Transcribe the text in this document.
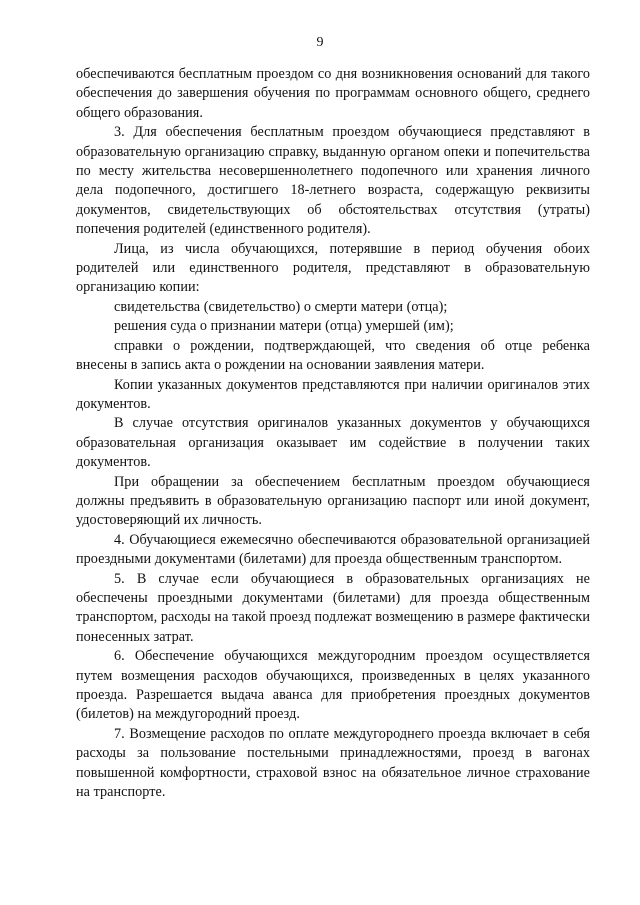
9

обеспечиваются бесплатным проездом со дня возникновения оснований для такого обеспечения до завершения обучения по программам основного общего, среднего общего образования.

3. Для обеспечения бесплатным проездом обучающиеся представляют в образовательную организацию справку, выданную органом опеки и попечительства по месту жительства несовершеннолетнего подопечного или хранения личного дела подопечного, достигшего 18-летнего возраста, содержащую реквизиты документов, свидетельствующих об обстоятельствах отсутствия (утраты) попечения родителей (единственного родителя).

Лица, из числа обучающихся, потерявшие в период обучения обоих родителей или единственного родителя, представляют в образовательную организацию копии:

свидетельства (свидетельство) о смерти матери (отца);

решения суда о признании матери (отца) умершей (им);

справки о рождении, подтверждающей, что сведения об отце ребенка внесены в запись акта о рождении на основании заявления матери.

Копии указанных документов представляются при наличии оригиналов этих документов.

В случае отсутствия оригиналов указанных документов у обучающихся образовательная организация оказывает им содействие в получении таких документов.

При обращении за обеспечением бесплатным проездом обучающиеся должны предъявить в образовательную организацию паспорт или иной документ, удостоверяющий их личность.

4. Обучающиеся ежемесячно обеспечиваются образовательной организацией проездными документами (билетами) для проезда общественным транспортом.

5. В случае если обучающиеся в образовательных организациях не обеспечены проездными документами (билетами) для проезда общественным транспортом, расходы на такой проезд подлежат возмещению в размере фактически понесенных затрат.

6. Обеспечение обучающихся междугородним проездом осуществляется путем возмещения расходов обучающихся, произведенных в целях указанного проезда. Разрешается выдача аванса для приобретения проездных документов (билетов) на междугородний проезд.

7. Возмещение расходов по оплате междугороднего проезда включает в себя расходы за пользование постельными принадлежностями, проезд в вагонах повышенной комфортности, страховой взнос на обязательное личное страхование на транспорте.
